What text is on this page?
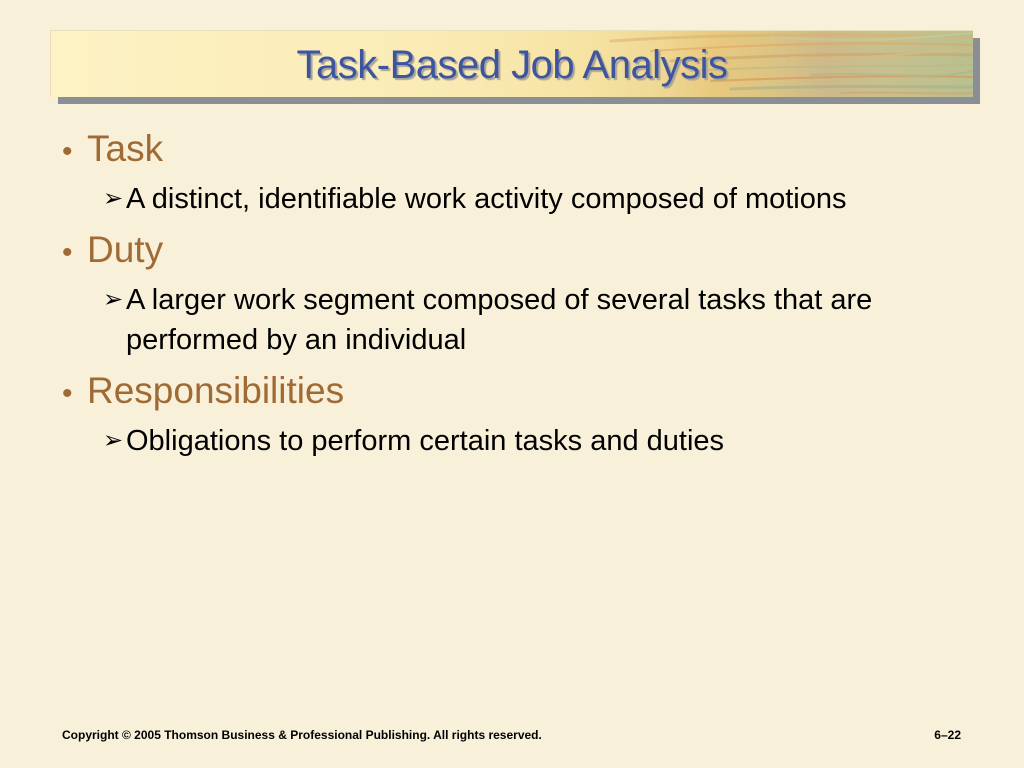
Task-Based Job Analysis
• Task
➢ A distinct, identifiable work activity composed of motions
• Duty
➢ A larger work segment composed of several tasks that are performed by an individual
• Responsibilities
➢ Obligations to perform certain tasks and duties
Copyright © 2005 Thomson Business & Professional Publishing. All rights reserved.	6–22
